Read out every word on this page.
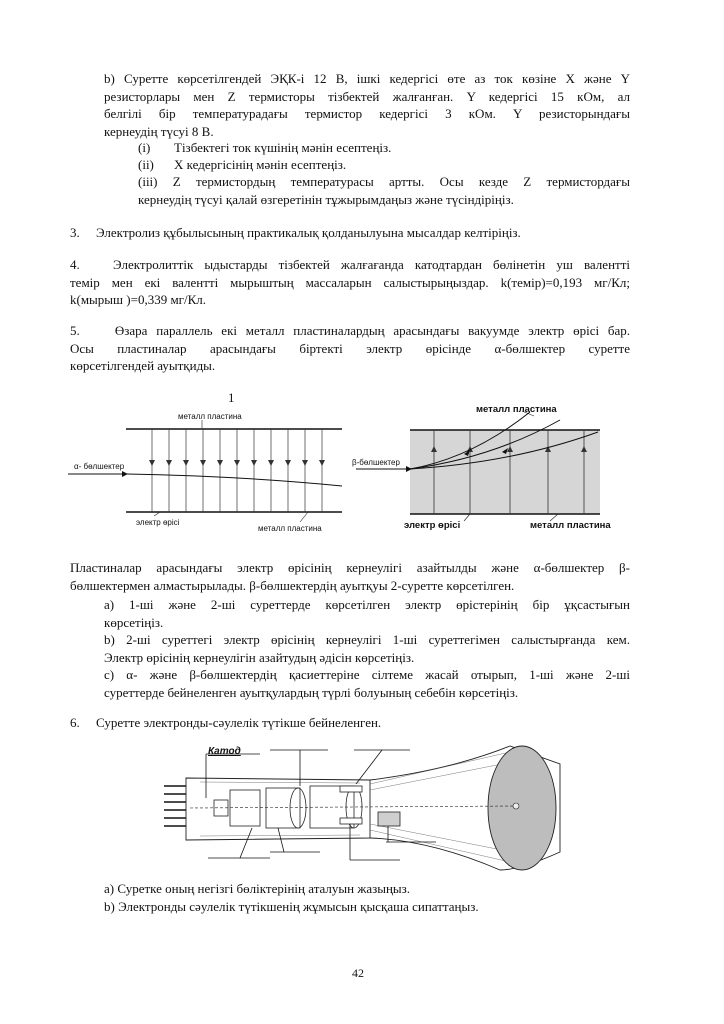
b) Суретте көрсетілгендей ЭҚК-і 12 В, ішкі кедергісі өте аз ток көзіне X және Y
резисторлары мен Z термисторы тізбектей жалғанған. Y кедергісі 15 кОм, ал
белгілі бір температурадағы термистор кедергісі 3 кОм. Y резисторындағы
кернеудің түсуі 8 В.
(i) Тізбектегі ток күшінің мәнін есептеңіз.
(ii) X кедергісінің мәнін есептеңіз.
(iii) Z термистордың температурасы артты. Осы кезде Z термистордағы
кернеудің түсуі қалай өзгеретінін тұжырымдаңыз және түсіндіріңіз.
3. Электролиз құбылысының практикалық қолданылуына мысалдар келтіріңіз.
4.	Электролиттік ыдыстарды тізбектей жалғағанда катодтардан бөлінетін уш валентті
темір мен екі валентті мырыштың массаларын салыстырыңыздар. k(темір)=0,193 мг/Кл;
k(мырыш )=0,339 мг/Кл.
5.	Өзара параллель екі металл пластиналардың арасындағы вакуумде электр өрісі бар.
Осы пластиналар арасындағы біртекті электр өрісінде α-бөлшектер суретте
көрсетілгендей ауытқиды.
1
металл пластина
α- бөлшектер
электр өрісі
металл пластина
металл пластина
β-бөлшектер
электр өрісі	металл пластина
Пластиналар арасындағы электр өрісінің кернеулігі азайтылды және α-бөлшектер β-
бөлшектермен алмастырылады. β-бөлшектердің ауытқуы 2-суретте көрсетілген.
а) 1-ші және 2-ші суреттерде көрсетілген электр өрістерінің бір ұқсастығын
көрсетіңіз.
b) 2-ші суреттегі электр өрісінің кернеулігі 1-ші суреттегімен салыстырғанда кем.
Электр өрісінің кернеулігін азайтудың әдісін көрсетіңіз.
с) α- және β-бөлшектердің қасиеттеріне сілтеме жасай отырып, 1-ші және 2-ші
суреттерде бейнеленген ауытқулардың түрлі болуының себебін көрсетіңіз.
6. Суретте электронды-сәулелік түтікше бейнеленген.
Катод
а) Суретке оның негізгі бөліктерінің аталуын жазыңыз.
b) Электронды сәулелік түтікшенің жұмысын қысқаша сипаттаңыз.
42
